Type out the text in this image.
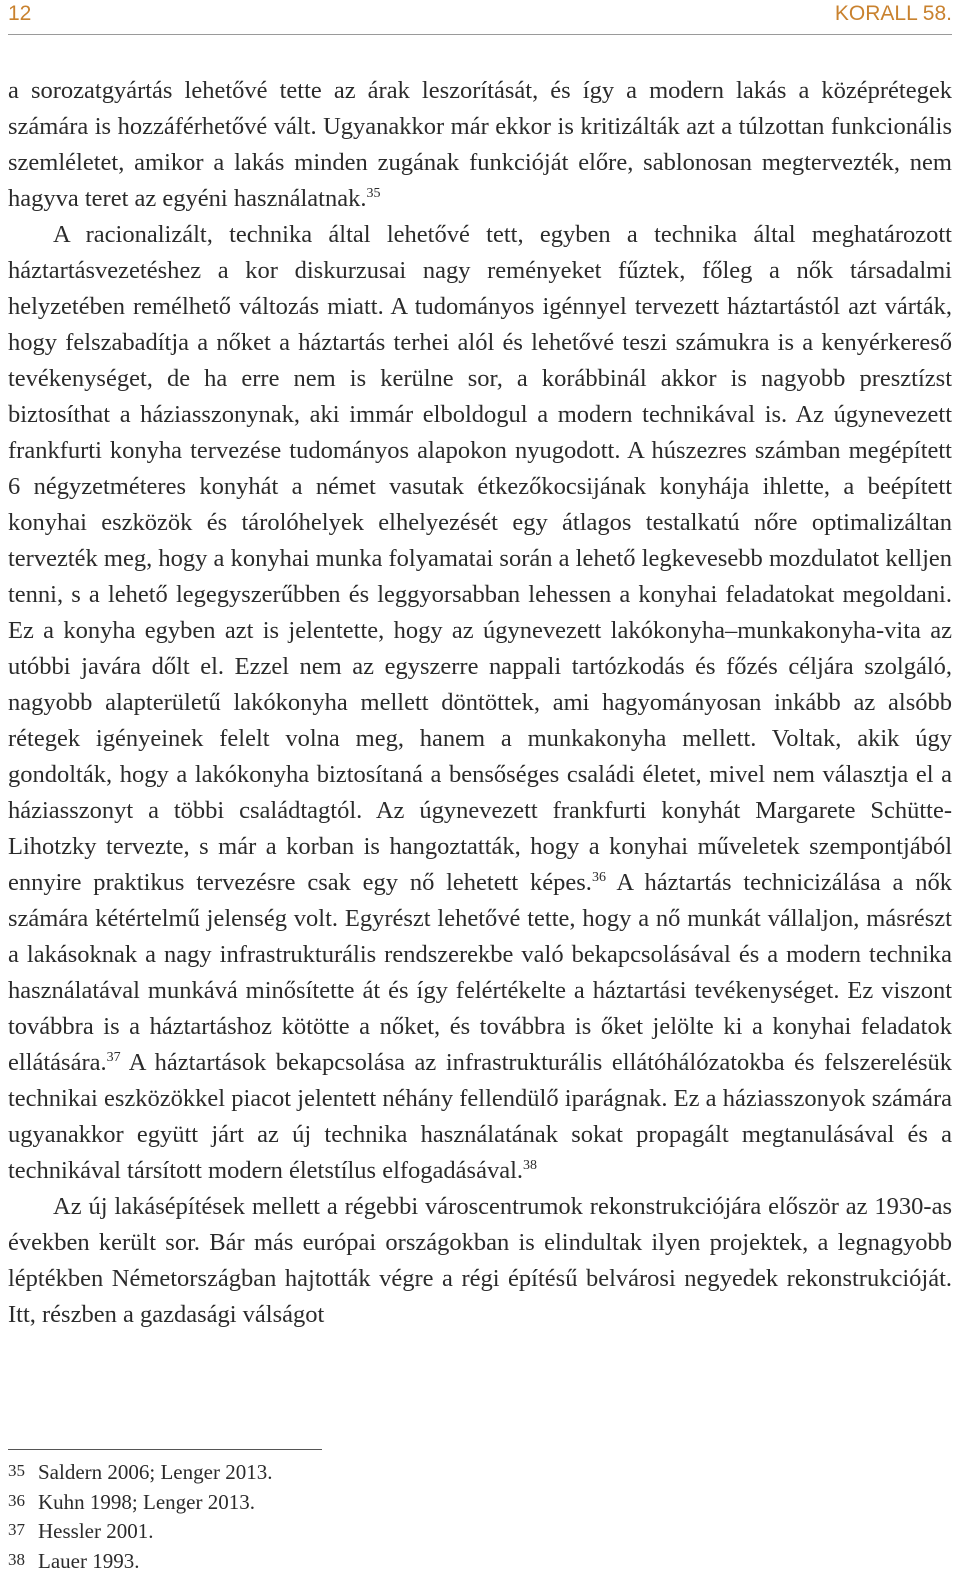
12	KORALL 58.

a sorozatgyártás lehetővé tette az árak leszorítását, és így a modern lakás a középrétegek számára is hozzáférhetővé vált. Ugyanakkor már ekkor is kritizálták azt a túlzottan funkcionális szemléletet, amikor a lakás minden zugának funkcióját előre, sablonosan megtervezték, nem hagyva teret az egyéni használatnak.$^{35}$

A racionalizált, technika által lehetővé tett, egyben a technika által meghatározott háztartásvezetéshez a kor diskurzusai nagy reményeket fűztek, főleg a nők társadalmi helyzetében remélhető változás miatt. A tudományos igénnyel tervezett háztartástól azt várták, hogy felszabadítja a nőket a háztartás terhei alól és lehetővé teszi számukra is a kenyérkereső tevékenységet, de ha erre nem is kerülne sor, a korábbinál akkor is nagyobb presztízst biztosíthat a háziasszonynak, aki immár elboldogul a modern technikával is. Az úgynevezett frankfurti konyha tervezése tudományos alapokon nyugodott. A húszezres számban megépített 6 négyzetméteres konyhát a német vasutak étkezőkocsijának konyhája ihlette, a beépített konyhai eszközök és tárolóhelyek elhelyezését egy átlagos testalkatú nőre optimalizáltan tervezték meg, hogy a konyhai munka folyamatai során a lehető legkevesebb mozdulatot kelljen tenni, s a lehető legegyszerűbben és leggyorsabban lehessen a konyhai feladatokat megoldani. Ez a konyha egyben azt is jelentette, hogy az úgynevezett lakókonyha–munkakonyha-vita az utóbbi javára dőlt el. Ezzel nem az egyszerre nappali tartózkodás és főzés céljára szolgáló, nagyobb alapterületű lakókonyha mellett döntöttek, ami hagyományosan inkább az alsóbb rétegek igényeinek felelt volna meg, hanem a munkakonyha mellett. Voltak, akik úgy gondolták, hogy a lakókonyha biztosítaná a bensőséges családi életet, mivel nem választja el a háziasszonyt a többi családtagtól. Az úgynevezett frankfurti konyhát Margarete Schütte-Lihotzky tervezte, s már a korban is hangoztatták, hogy a konyhai műveletek szempontjából ennyire praktikus tervezésre csak egy nő lehetett képes.$^{36}$ A háztartás technicizálása a nők számára kétértelmű jelenség volt. Egyrészt lehetővé tette, hogy a nő munkát vállaljon, másrészt a lakásoknak a nagy infrastrukturális rendszerekbe való bekapcsolásával és a modern technika használatával munkává minősítette át és így felértékelte a háztartási tevékenységet. Ez viszont továbbra is a háztartáshoz kötötte a nőket, és továbbra is őket jelölte ki a konyhai feladatok ellátására.$^{37}$ A háztartások bekapcsolása az infrastrukturális ellátóhálózatokba és felszerelésük technikai eszközökkel piacot jelentett néhány fellendülő iparágnak. Ez a háziasszonyok számára ugyanakkor együtt járt az új technika használatának sokat propagált megtanulásával és a technikával társított modern életstílus elfogadásával.$^{38}$

Az új lakásépítések mellett a régebbi városcentrumok rekonstrukciójára először az 1930-as években került sor. Bár más európai országokban is elindultak ilyen projektek, a legnagyobb léptékben Németországban hajtották végre a régi építésű belvárosi negyedek rekonstrukcióját. Itt, részben a gazdasági válságot

35 Saldern 2006; Lenger 2013.
36 Kuhn 1998; Lenger 2013.
37 Hessler 2001.
38 Lauer 1993.
